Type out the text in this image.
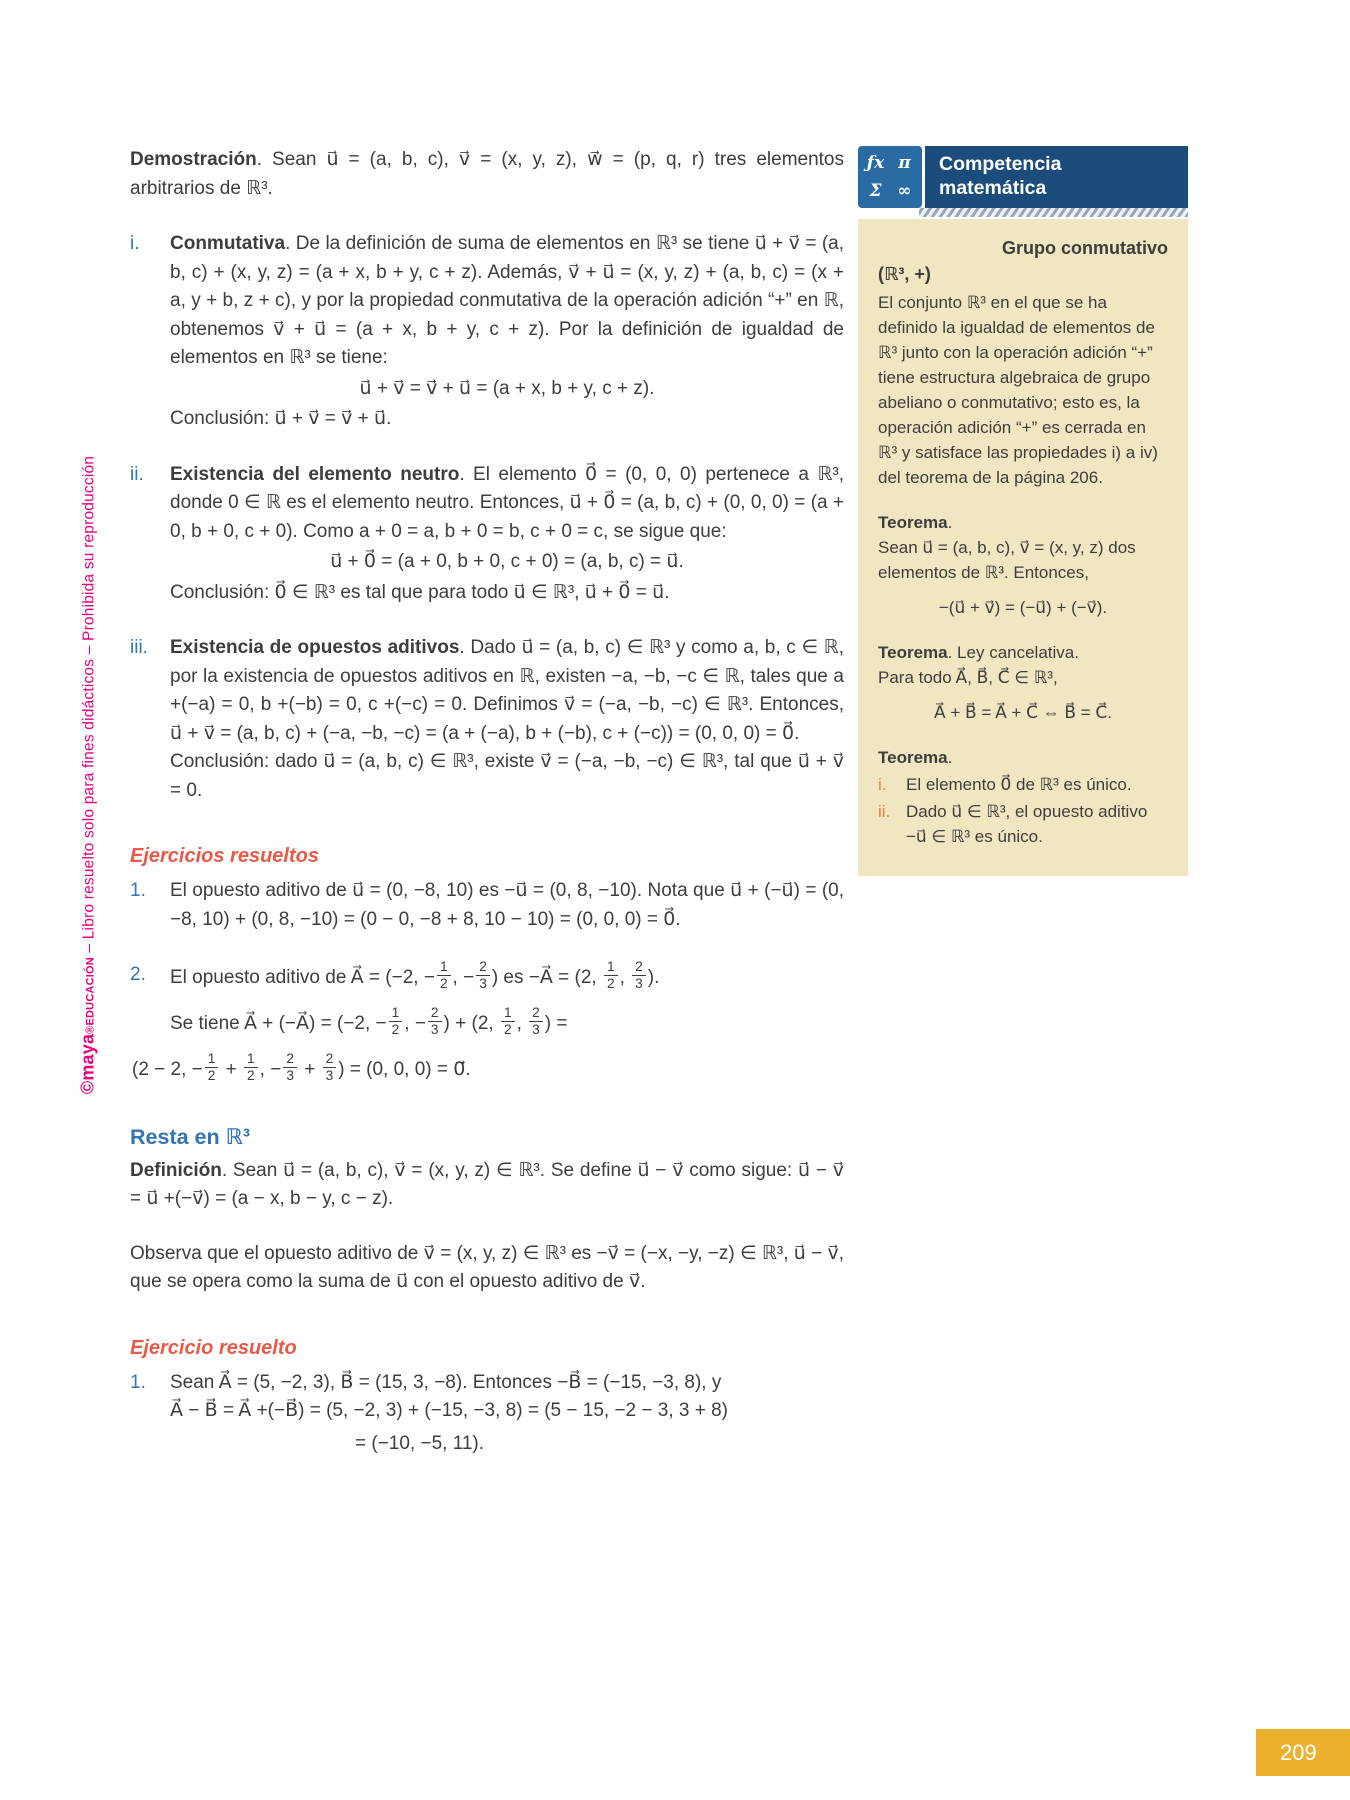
©maya®EDUCACIÓN – Libro resuelto solo para fines didácticos – Prohibida su reproducción

Demostración. Sean u⃗ = (a, b, c), v⃗ = (x, y, z), w⃗ = (p, q, r) tres elementos arbitrarios de ℝ³.

i.	Conmutativa. De la definición de suma de elementos en ℝ³ se tiene u⃗ + v⃗ = (a, b, c) + (x, y, z) = (a + x, b + y, c + z). Además, v⃗ + u⃗ = (x, y, z) + (a, b, c) = (x + a, y + b, z + c), y por la propiedad conmutativa de la operación adición “+” en ℝ, obtenemos v⃗ + u⃗ = (a + x, b + y, c + z). Por la definición de igualdad de elementos en ℝ³ se tiene:
u⃗ + v⃗ = v⃗ + u⃗ = (a + x, b + y, c + z).
Conclusión: u⃗ + v⃗ = v⃗ + u⃗.
ii.	Existencia del elemento neutro. El elemento 0⃗ = (0, 0, 0) pertenece a ℝ³, donde 0 ∈ ℝ es el elemento neutro. Entonces, u⃗ + 0⃗ = (a, b, c) + (0, 0, 0) = (a + 0, b + 0, c + 0). Como a + 0 = a, b + 0 = b, c + 0 = c, se sigue que:
u⃗ + 0⃗ = (a + 0, b + 0, c + 0) = (a, b, c) = u⃗.
Conclusión: 0⃗ ∈ ℝ³ es tal que para todo u⃗ ∈ ℝ³, u⃗ + 0⃗ = u⃗.
iii.	Existencia de opuestos aditivos. Dado u⃗ = (a, b, c) ∈ ℝ³ y como a, b, c ∈ ℝ, por la existencia de opuestos aditivos en ℝ, existen −a, −b, −c ∈ ℝ, tales que a +(−a) = 0, b +(−b) = 0, c +(−c) = 0. Definimos v⃗ = (−a, −b, −c) ∈ ℝ³. Entonces, u⃗ + v⃗ = (a, b, c) + (−a, −b, −c) = (a + (−a), b + (−b), c + (−c)) = (0, 0, 0) = 0⃗.
Conclusión: dado u⃗ = (a, b, c) ∈ ℝ³, existe v⃗ = (−a, −b, −c) ∈ ℝ³, tal que u⃗ + v⃗ = 0.
Ejercicios resueltos
1.	El opuesto aditivo de u⃗ = (0, −8, 10) es −u⃗ = (0, 8, −10). Nota que u⃗ + (−u⃗) = (0, −8, 10) + (0, 8, −10) = (0 − 0, −8 + 8, 10 − 10) = (0, 0, 0) = 0⃗.
2.	El opuesto aditivo de A⃗ = (−2, − $\frac{1}{2}$ , − $\frac{2}{3}$ ) es −A⃗ = (2, $\frac{1}{2}$ , $\frac{2}{3}$ ).
Se tiene A⃗ + (−A⃗) = (−2, − $\frac{1}{2}$ , − $\frac{2}{3}$ ) + (2, $\frac{1}{2}$ , $\frac{2}{3}$ ) =
(2 − 2, − $\frac{1}{2} + \frac{1}{2}$ , − $\frac{2}{3} + \frac{2}{3}$ ) = (0, 0, 0) = 0⃗.
Resta en ℝ³

Definición. Sean u⃗ = (a, b, c), v⃗ = (x, y, z) ∈ ℝ³. Se define u⃗ − v⃗ como sigue: u⃗ − v⃗ = u⃗ +(−v⃗) = (a − x, b − y, c − z).

Observa que el opuesto aditivo de v⃗ = (x, y, z) ∈ ℝ³ es −v⃗ = (−x, −y, −z) ∈ ℝ³, u⃗ − v⃗, que se opera como la suma de u⃗ con el opuesto aditivo de v⃗.

Ejercicio resuelto
1.	Sean A⃗ = (5, −2, 3), B⃗ = (15, 3, −8). Entonces −B⃗ = (−15, −3, 8), y
A⃗ − B⃗ = A⃗ +(−B⃗) = (5, −2, 3) + (−15, −3, 8) = (5 − 15, −2 − 3, 3 + 8)
= (−10, −5, 11).
ƒx π
Σ ∞
Competencia
matemática
Grupo conmutativo
(ℝ³, +)
El conjunto ℝ³ en el que se ha definido la igualdad de elementos de ℝ³ junto con la operación adición “+” tiene estructura algebraica de grupo abeliano o conmutativo; esto es, la operación adición “+” es cerrada en ℝ³ y satisface las propiedades i) a iv) del teorema de la página 206.
Teorema.
Sean u⃗ = (a, b, c), v⃗ = (x, y, z) dos elementos de ℝ³. Entonces,
−(u⃗ + v⃗) = (−u⃗) + (−v⃗).
Teorema. Ley cancelativa.
Para todo A⃗, B⃗, C⃗ ∈ ℝ³,
A⃗ + B⃗ = A⃗ + C⃗ ⇔ B⃗ = C⃗.
Teorema.
i.	El elemento 0⃗ de ℝ³ es único.
ii. Dado u⃗ ∈ ℝ³, el opuesto aditivo −u⃗ ∈ ℝ³ es único.
209
